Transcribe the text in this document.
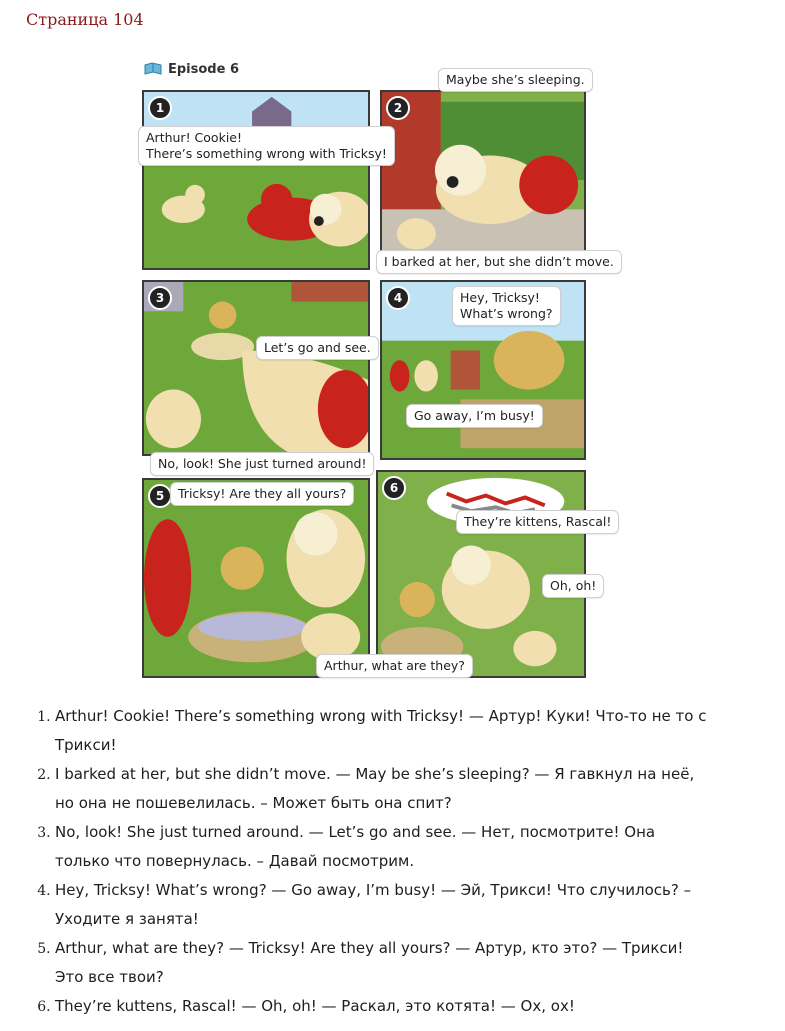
Страница 104
Episode 6
1
Arthur! Cookie!
There’s something wrong with Tricksy!
2
Maybe she’s sleeping.
I barked at her, but she didn’t move.
3
Let’s go and see.
No, look! She just turned around!
4	Hey, Tricksy!
What’s wrong?
Go away, I’m busy!
5	Tricksy! Are they all yours?
Arthur, what are they?
6
They’re kittens, Rascal!
Oh, oh!
1. Arthur! Cookie! There’s something wrong with Tricksy! — Артур! Куки! Что-то не то с
Трикси!
2. I barked at her, but she didn’t move. — May be she’s sleeping? — Я гавкнул на неё,
но она не пошевелилась. – Может быть она спит?
3. No, look! She just turned around. — Let’s go and see. — Нет, посмотрите! Она
только что повернулась. – Давай посмотрим.
4. Hey, Tricksy! What’s wrong? — Go away, I’m busy! — Эй, Трикси! Что случилось? –
Уходите я занята!
5. Arthur, what are they? — Tricksy! Are they all yours? — Артур, кто это? — Трикси!
Это все твои?
6. They’re kuttens, Rascal! — Oh, oh! — Раскал, это котята! — Ох, ох!
